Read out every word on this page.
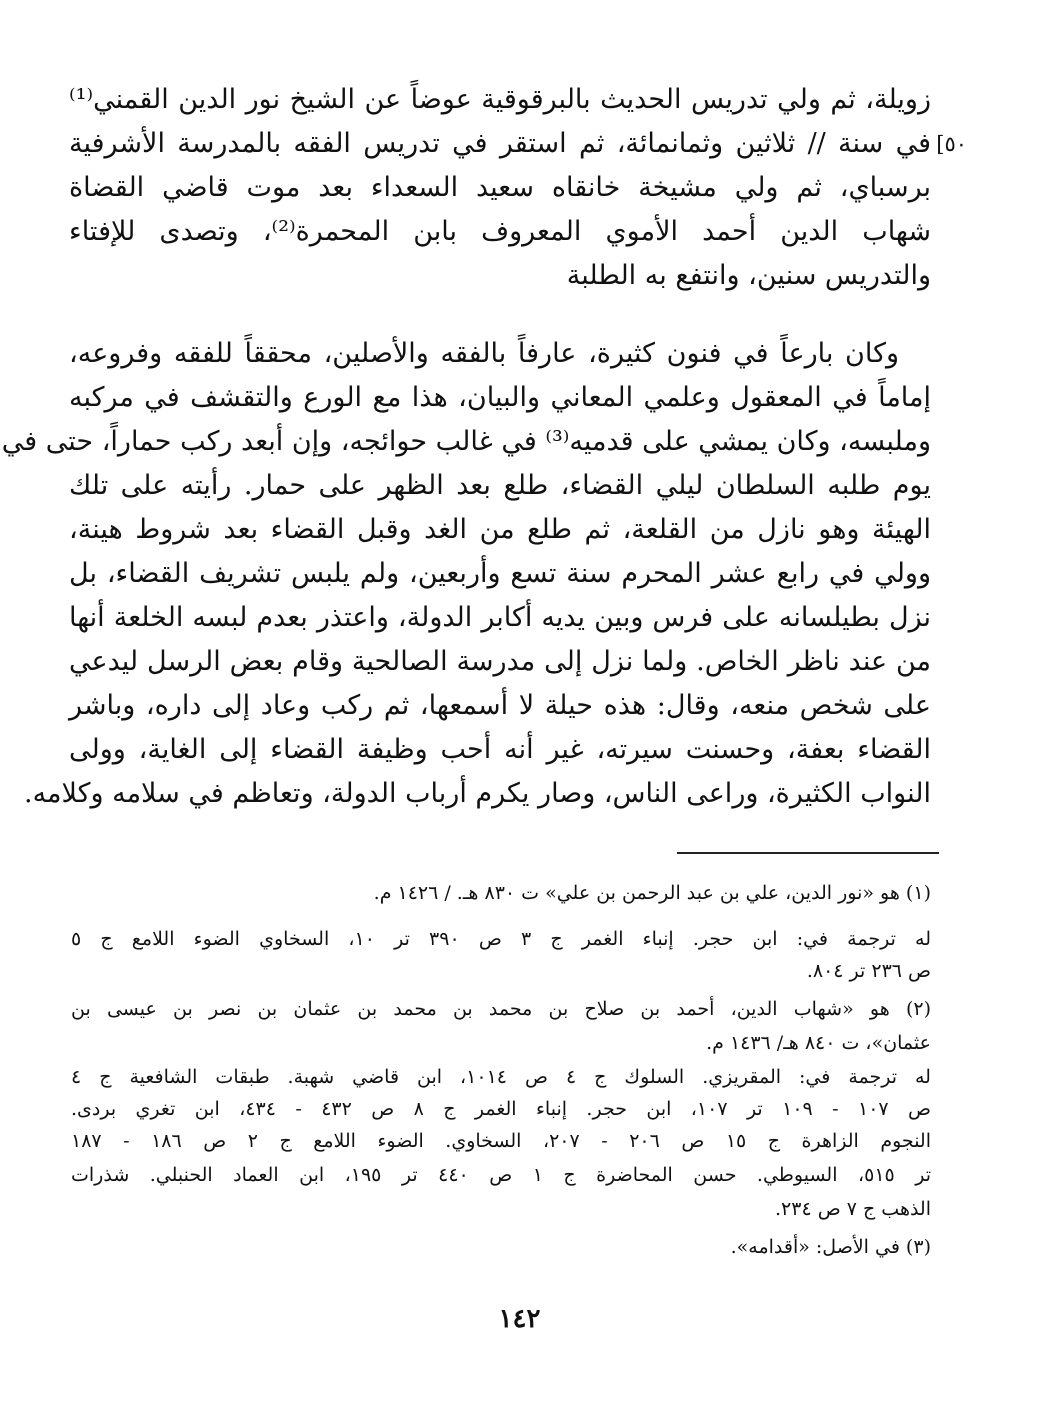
زويلة، ثم ولي تدريس الحديث بالبرقوقية عوضاً عن الشيخ نور الدين القمني⁽¹⁾

في سنة // ثلاثين وثمانمائة، ثم استقر في تدريس الفقه بالمدرسة الأشرفية

برسباي، ثم ولي مشيخة خانقاه سعيد السعداء بعد موت قاضي القضاة

شهاب الدين أحمد الأموي المعروف بابن المحمرة⁽²⁾، وتصدى للإفتاء

والتدريس سنين، وانتفع به الطلبة

وكان بارعاً في فنون كثيرة، عارفاً بالفقه والأصلين، محققاً للفقه وفروعه،

إماماً في المعقول وعلمي المعاني والبيان، هذا مع الورع والتقشف في مركبه

وملبسه، وكان يمشي على قدميه⁽³⁾ في غالب حوائجه، وإن أبعد ركب حماراً، حتى في

يوم طلبه السلطان ليلي القضاء، طلع بعد الظهر على حمار. رأيته على تلك

الهيئة وهو نازل من القلعة، ثم طلع من الغد وقبل القضاء بعد شروط هينة،

وولي في رابع عشر المحرم سنة تسع وأربعين، ولم يلبس تشريف القضاء، بل

نزل بطيلسانه على فرس وبين يديه أكابر الدولة، واعتذر بعدم لبسه الخلعة أنها

من عند ناظر الخاص. ولما نزل إلى مدرسة الصالحية وقام بعض الرسل ليدعي

على شخص منعه، وقال: هذه حيلة لا أسمعها، ثم ركب وعاد إلى داره، وباشر

القضاء بعفة، وحسنت سيرته، غير أنه أحب وظيفة القضاء إلى الغاية، وولى

النواب الكثيرة، وراعى الناس، وصار يكرم أرباب الدولة، وتعاظم في سلامه وكلامه.

[٥٠

(١) هو «نور الدين، علي بن عبد الرحمن بن علي» ت ٨٣٠ هـ. / ١٤٢٦ م.

له ترجمة في: ابن حجر. إنباء الغمر ج ٣ ص ٣٩٠ تر ١٠، السخاوي الضوء اللامع ج ٥

ص ٢٣٦ تر ٨٠٤.

(٢) هو «شهاب الدين، أحمد بن صلاح بن محمد بن محمد بن عثمان بن نصر بن عيسى بن

عثمان»، ت ٨٤٠ هـ/ ١٤٣٦ م.

له ترجمة في: المقريزي. السلوك ج ٤ ص ١٠١٤، ابن قاضي شهبة. طبقات الشافعية ج ٤

ص ١٠٧ - ١٠٩ تر ١٠٧، ابن حجر. إنباء الغمر ج ٨ ص ٤٣٢ - ٤٣٤، ابن تغري بردى.

النجوم الزاهرة ج ١٥ ص ٢٠٦ - ٢٠٧، السخاوي. الضوء اللامع ج ٢ ص ١٨٦ - ١٨٧

تر ٥١٥، السيوطي. حسن المحاضرة ج ١ ص ٤٤٠ تر ١٩٥، ابن العماد الحنبلي. شذرات

الذهب ج ٧ ص ٢٣٤.

(٣) في الأصل: «أقدامه».

١٤٢
